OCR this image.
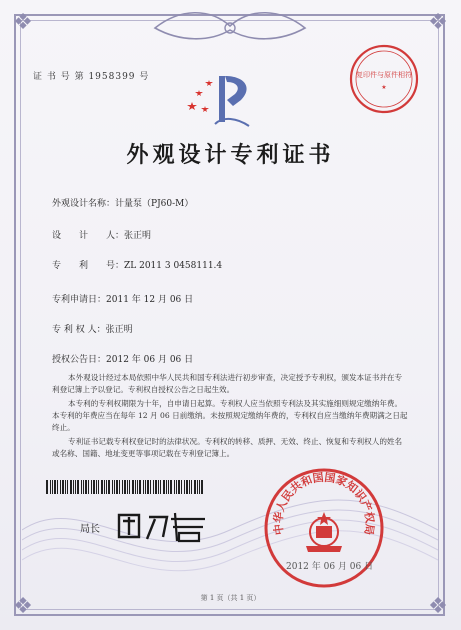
❖	❖
❖	❖
证 书 号 第 1958399 号	复印件与原件相符
★
外观设计专利证书
外观设计名称：计量泵（PJ60-M）
设　　计　　人：张正明
专　　利　　号：ZL 2011 3 0458111.4
专利申请日：2011 年 12 月 06 日
专 利 权 人：张正明
授权公告日：2012 年 06 月 06 日
本外观设计经过本局依照中华人民共和国专利法进行初步审查，决定授予专利权，颁发本证书并在专利登记簿上予以登记。专利权自授权公告之日起生效。
本专利的专利权期限为十年，自申请日起算。专利权人应当依照专利法及其实施细则规定缴纳年费。本专利的年费应当在每年 12 月 06 日前缴纳。未按照规定缴纳年费的，专利权自应当缴纳年费期满之日起终止。
专利证书记载专利权登记时的法律状况。专利权的转移、质押、无效、终止、恢复和专利权人的姓名或名称、国籍、地址变更等事项记载在专利登记簿上。
局长	中华人民共和国国家知识产权局
2012 年 06 月 06 日
第 1 页（共 1 页）
